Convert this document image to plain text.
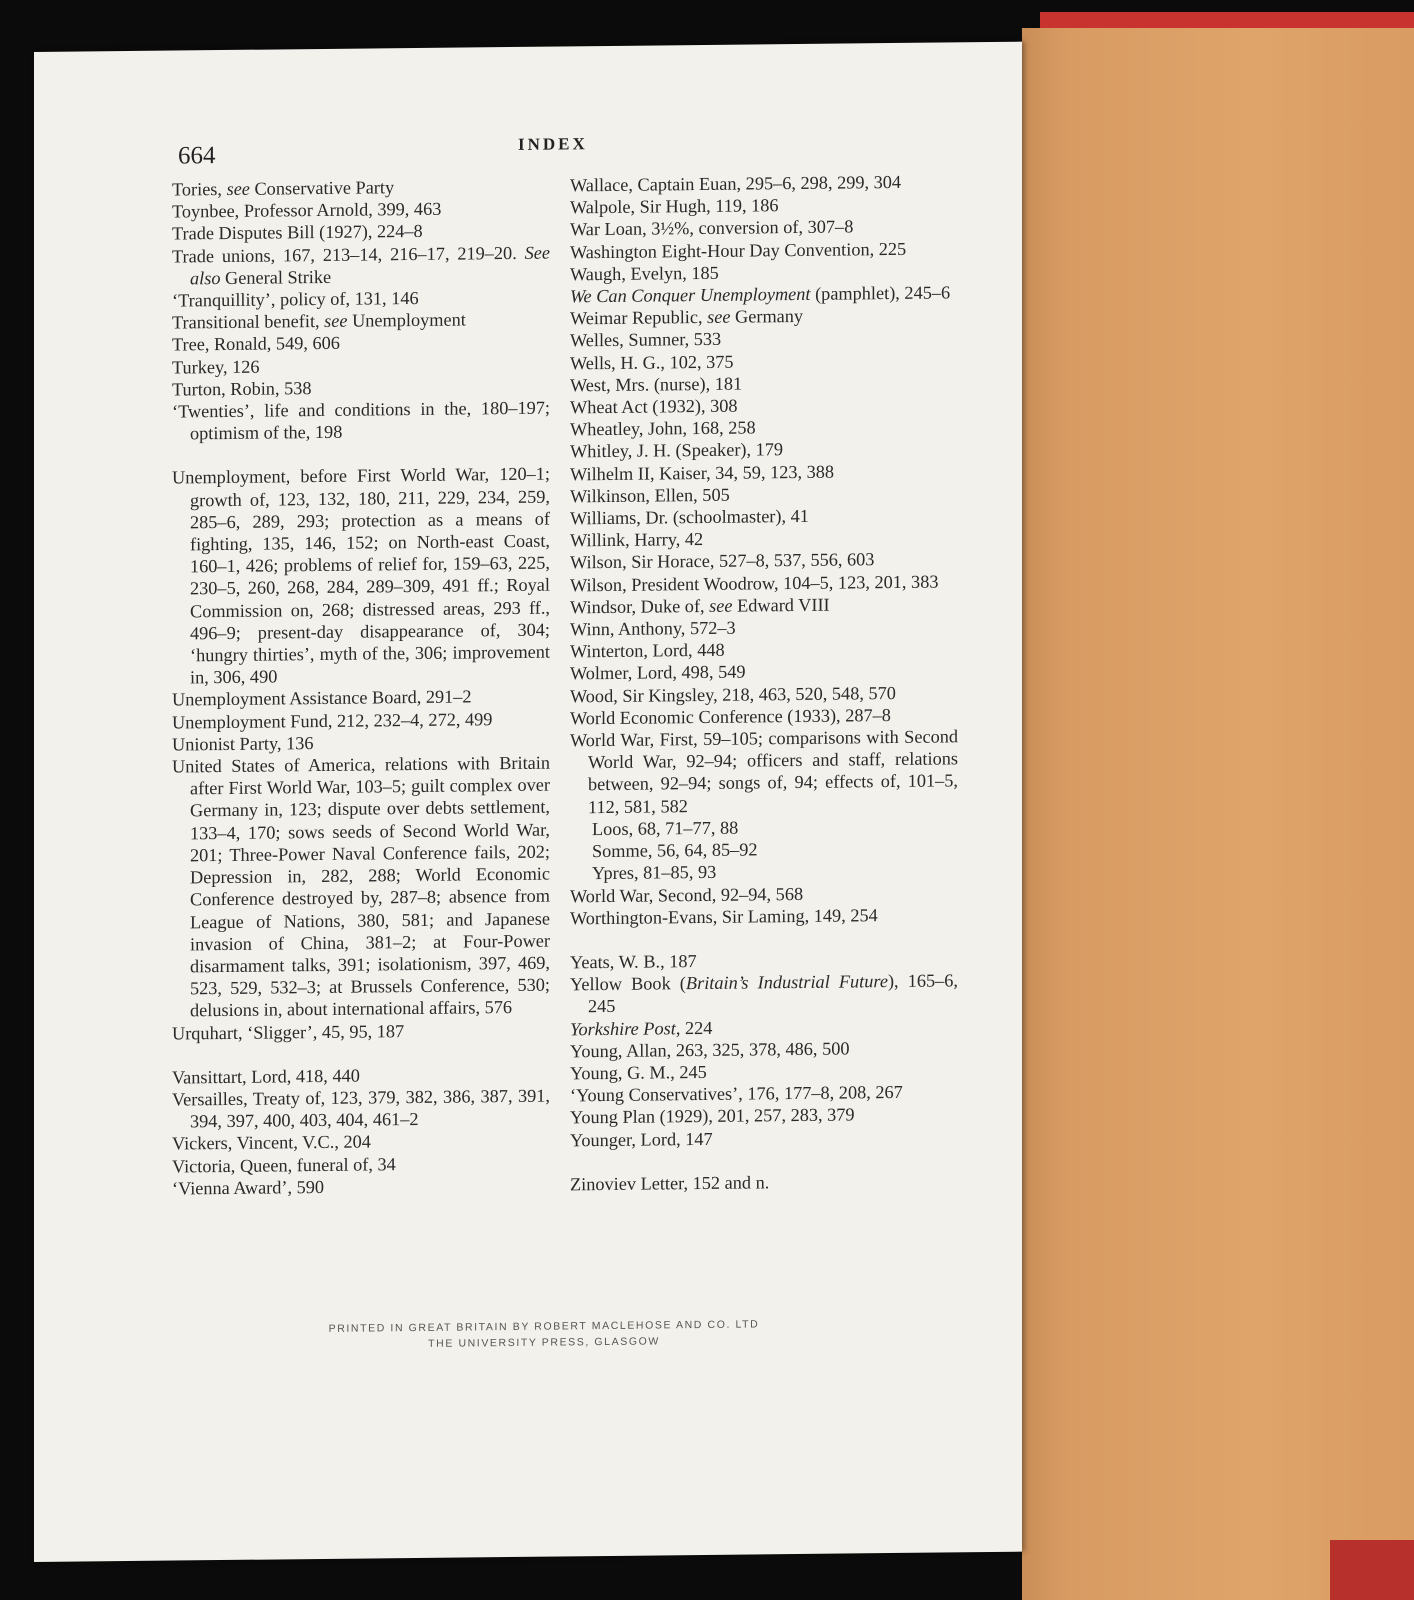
664	INDEX
Tories, see Conservative Party
Toynbee, Professor Arnold, 399, 463
Trade Disputes Bill (1927), 224–8
Trade unions, 167, 213–14, 216–17, 219–20. See also General Strike
‘Tranquillity’, policy of, 131, 146
Transitional benefit, see Unemployment
Tree, Ronald, 549, 606
Turkey, 126
Turton, Robin, 538
‘Twenties’, life and conditions in the, 180–197; optimism of the, 198
Unemployment, before First World War, 120–1; growth of, 123, 132, 180, 211, 229, 234, 259, 285–6, 289, 293; protection as a means of fighting, 135, 146, 152; on North-east Coast, 160–1, 426; problems of relief for, 159–63, 225, 230–5, 260, 268, 284, 289–309, 491 ff.; Royal Commission on, 268; distressed areas, 293 ff., 496–9; present-day disappearance of, 304; ‘hungry thirties’, myth of the, 306; improvement in, 306, 490
Unemployment Assistance Board, 291–2
Unemployment Fund, 212, 232–4, 272, 499
Unionist Party, 136
United States of America, relations with Britain after First World War, 103–5; guilt complex over Germany in, 123; dispute over debts settlement, 133–4, 170; sows seeds of Second World War, 201; Three-Power Naval Conference fails, 202; Depression in, 282, 288; World Economic Conference destroyed by, 287–8; absence from League of Nations, 380, 581; and Japanese invasion of China, 381–2; at Four-Power disarmament talks, 391; isolationism, 397, 469, 523, 529, 532–3; at Brussels Conference, 530; delusions in, about international affairs, 576
Urquhart, ‘Sligger’, 45, 95, 187
Vansittart, Lord, 418, 440
Versailles, Treaty of, 123, 379, 382, 386, 387, 391, 394, 397, 400, 403, 404, 461–2
Vickers, Vincent, V.C., 204
Victoria, Queen, funeral of, 34
‘Vienna Award’, 590
Wallace, Captain Euan, 295–6, 298, 299, 304
Walpole, Sir Hugh, 119, 186
War Loan, 3½%, conversion of, 307–8
Washington Eight-Hour Day Convention, 225
Waugh, Evelyn, 185
We Can Conquer Unemployment (pamphlet), 245–6
Weimar Republic, see Germany
Welles, Sumner, 533
Wells, H. G., 102, 375
West, Mrs. (nurse), 181
Wheat Act (1932), 308
Wheatley, John, 168, 258
Whitley, J. H. (Speaker), 179
Wilhelm II, Kaiser, 34, 59, 123, 388
Wilkinson, Ellen, 505
Williams, Dr. (schoolmaster), 41
Willink, Harry, 42
Wilson, Sir Horace, 527–8, 537, 556, 603
Wilson, President Woodrow, 104–5, 123, 201, 383
Windsor, Duke of, see Edward VIII
Winn, Anthony, 572–3
Winterton, Lord, 448
Wolmer, Lord, 498, 549
Wood, Sir Kingsley, 218, 463, 520, 548, 570
World Economic Conference (1933), 287–8
World War, First, 59–105; comparisons with Second World War, 92–94; officers and staff, relations between, 92–94; songs of, 94; effects of, 101–5, 112, 581, 582
Loos, 68, 71–77, 88
Somme, 56, 64, 85–92
Ypres, 81–85, 93
World War, Second, 92–94, 568
Worthington-Evans, Sir Laming, 149, 254
Yeats, W. B., 187
Yellow Book (Britain’s Industrial Future), 165–6, 245
Yorkshire Post, 224
Young, Allan, 263, 325, 378, 486, 500
Young, G. M., 245
‘Young Conservatives’, 176, 177–8, 208, 267
Young Plan (1929), 201, 257, 283, 379
Younger, Lord, 147
Zinoviev Letter, 152 and n.
PRINTED IN GREAT BRITAIN BY ROBERT MACLEHOSE AND CO. LTD
THE UNIVERSITY PRESS, GLASGOW
